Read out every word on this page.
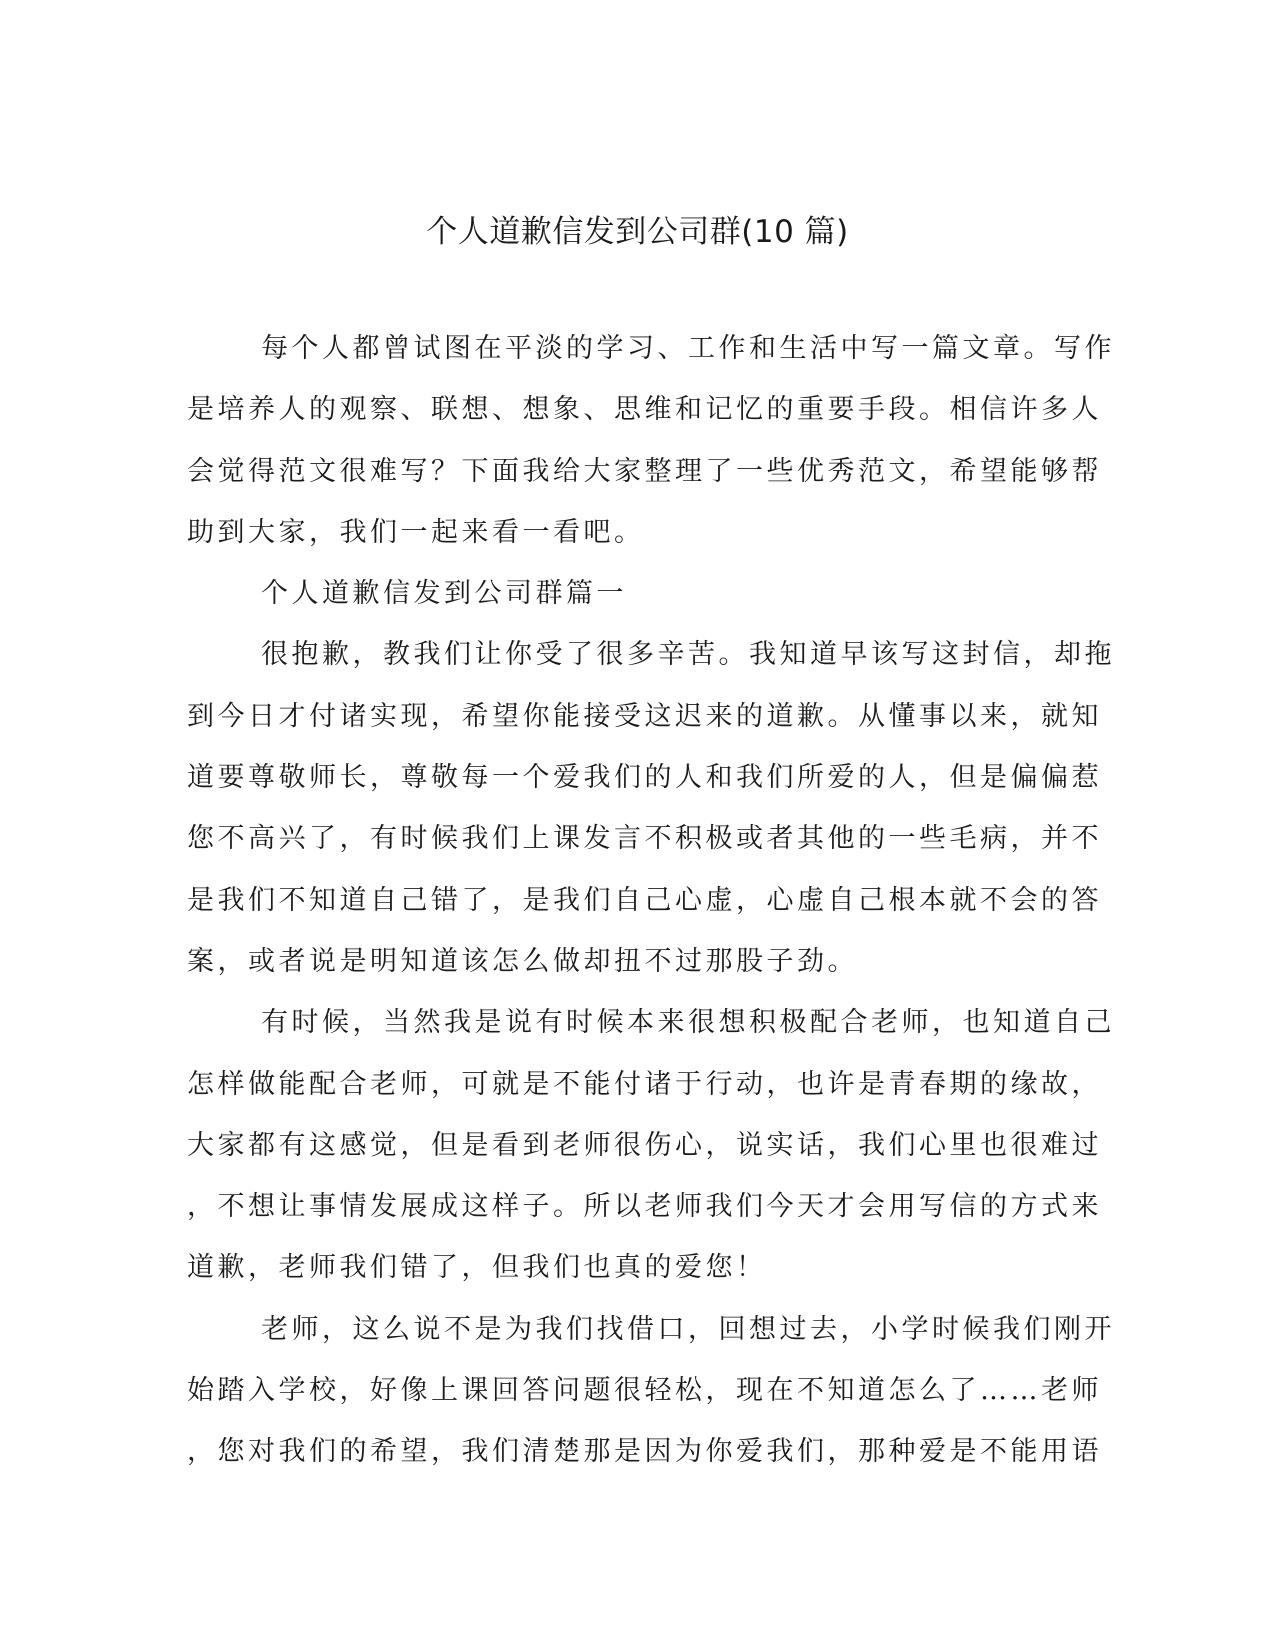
个人道歉信发到公司群(10 篇)
每个人都曾试图在平淡的学习、工作和生活中写一篇文章。写作
是培养人的观察、联想、想象、思维和记忆的重要手段。相信许多人
会觉得范文很难写？下面我给大家整理了一些优秀范文，希望能够帮
助到大家，我们一起来看一看吧。
个人道歉信发到公司群篇一
很抱歉，教我们让你受了很多辛苦。我知道早该写这封信，却拖
到今日才付诸实现，希望你能接受这迟来的道歉。从懂事以来，就知
道要尊敬师长，尊敬每一个爱我们的人和我们所爱的人，但是偏偏惹
您不高兴了，有时候我们上课发言不积极或者其他的一些毛病，并不
是我们不知道自己错了，是我们自己心虚，心虚自己根本就不会的答
案，或者说是明知道该怎么做却扭不过那股子劲。
有时候，当然我是说有时候本来很想积极配合老师，也知道自己
怎样做能配合老师，可就是不能付诸于行动，也许是青春期的缘故，
大家都有这感觉，但是看到老师很伤心，说实话，我们心里也很难过
，不想让事情发展成这样子。所以老师我们今天才会用写信的方式来
道歉，老师我们错了，但我们也真的爱您！
老师，这么说不是为我们找借口，回想过去，小学时候我们刚开
始踏入学校，好像上课回答问题很轻松，现在不知道怎么了……老师
，您对我们的希望，我们清楚那是因为你爱我们，那种爱是不能用语
